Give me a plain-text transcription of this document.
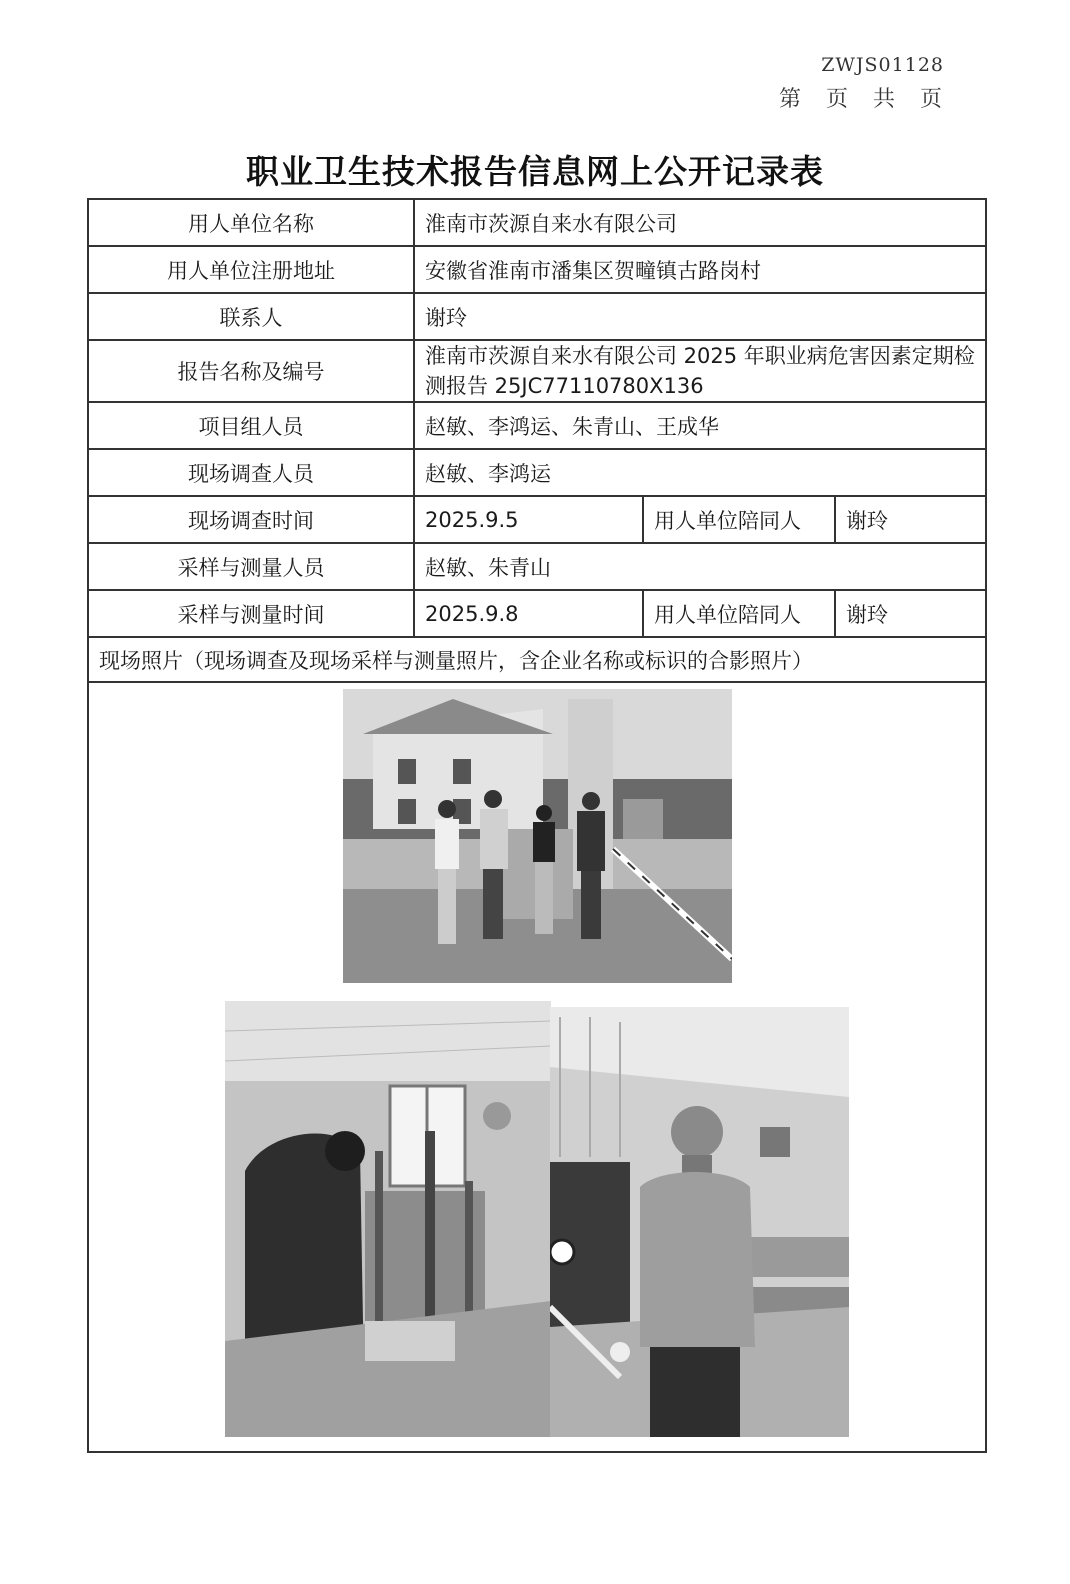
ZWJS01128
第 页 共 页
职业卫生技术报告信息网上公开记录表
用人单位名称	淮南市茨源自来水有限公司		
用人单位注册地址	安徽省淮南市潘集区贺疃镇古路岗村		
联系人	谢玲		
报告名称及编号	淮南市茨源自来水有限公司 2025 年职业病危害因素定期检测报告 25JC77110780X136		
项目组人员	赵敏、李鸿运、朱青山、王成华		
现场调查人员	赵敏、李鸿运		
现场调查时间	2025.9.5	用人单位陪同人	谢玲
采样与测量人员	赵敏、朱青山		
采样与测量时间	2025.9.8	用人单位陪同人	谢玲
现场照片（现场调查及现场采样与测量照片，含企业名称或标识的合影照片）			
